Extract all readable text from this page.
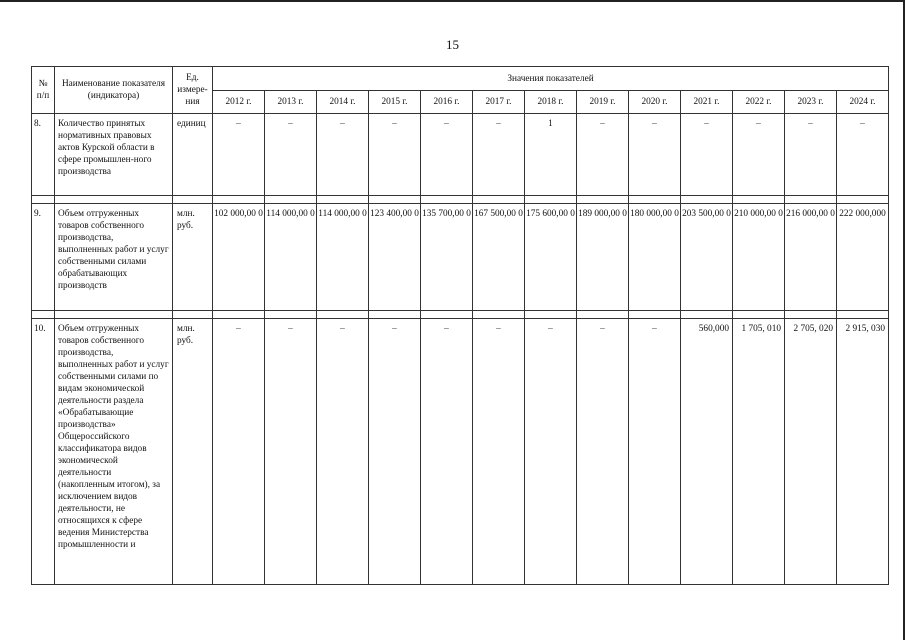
15
№
п/п	Наименование показателя (индикатора)	Ед. измере-ния	Значения показателей												
			2012 г.	2013 г.	2014 г.	2015 г.	2016 г.	2017 г.	2018 г.	2019 г.	2020 г.	2021 г.	2022 г.	2023 г.	2024 г.
8.	Количество принятых нормативных правовых актов Курской области в сфере промышлен-ного производства	единиц	–	–	–	–	–	–	1	–	–	–	–	–	–

9.	Объем отгруженных товаров собственного производства, выполненных работ и услуг собственными силами обрабатывающих производств	млн. руб.	102 000,00 0	114 000,00 0	114 000,00 0	123 400,00 0	135 700,00 0	167 500,00 0	175 600,00 0	189 000,00 0	180 000,00 0	203 500,00 0	210 000,00 0	216 000,00 0	222 000,000

10.	Объем отгруженных товаров собственного производства, выполненных работ и услуг собственными силами по видам экономической деятельности раздела «Обрабатывающие производства» Общероссийского классификатора видов экономической деятельности (накопленным итогом), за исключением видов деятельности, не относящихся к сфере ведения Министерства промышленности и	млн. руб.	–	–	–	–	–	–	–	–	–	560,000	1 705, 010	2 705, 020	2 915, 030
